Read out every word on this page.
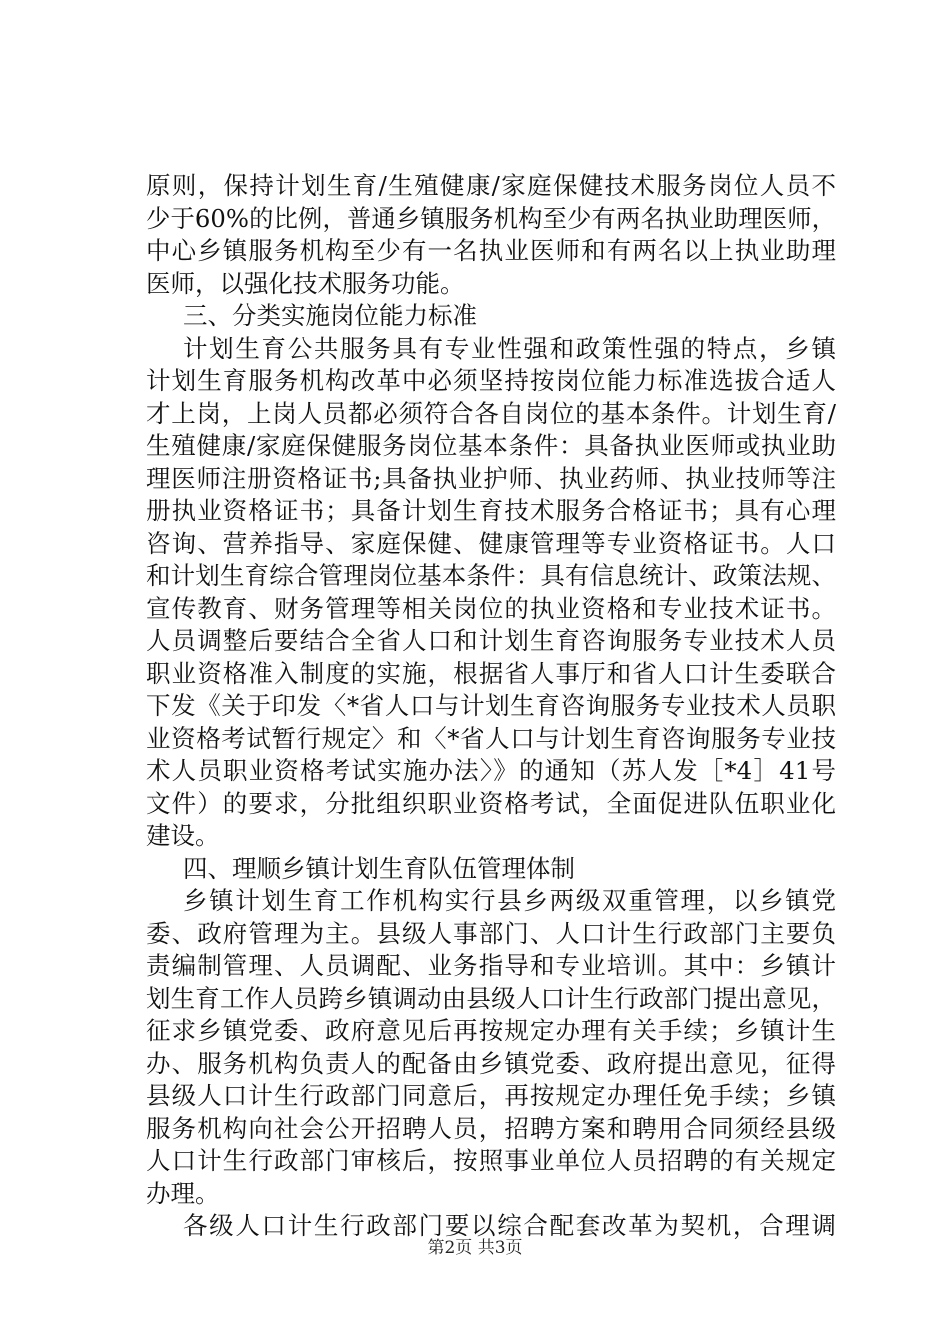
原则，保持计划生育/生殖健康/家庭保健技术服务岗位人员不
少于60%的比例，普通乡镇服务机构至少有两名执业助理医师，
中心乡镇服务机构至少有一名执业医师和有两名以上执业助理
医师，以强化技术服务功能。
三、分类实施岗位能力标准
计划生育公共服务具有专业性强和政策性强的特点，乡镇
计划生育服务机构改革中必须坚持按岗位能力标准选拔合适人
才上岗，上岗人员都必须符合各自岗位的基本条件。计划生育/
生殖健康/家庭保健服务岗位基本条件：具备执业医师或执业助
理医师注册资格证书;具备执业护师、执业药师、执业技师等注
册执业资格证书；具备计划生育技术服务合格证书；具有心理
咨询、营养指导、家庭保健、健康管理等专业资格证书。人口
和计划生育综合管理岗位基本条件：具有信息统计、政策法规、
宣传教育、财务管理等相关岗位的执业资格和专业技术证书。
人员调整后要结合全省人口和计划生育咨询服务专业技术人员
职业资格准入制度的实施，根据省人事厅和省人口计生委联合
下发《关于印发〈*省人口与计划生育咨询服务专业技术人员职
业资格考试暂行规定〉和〈*省人口与计划生育咨询服务专业技
术人员职业资格考试实施办法〉》的通知（苏人发［*4］41号
文件）的要求，分批组织职业资格考试，全面促进队伍职业化
建设。
四、理顺乡镇计划生育队伍管理体制
乡镇计划生育工作机构实行县乡两级双重管理，以乡镇党
委、政府管理为主。县级人事部门、人口计生行政部门主要负
责编制管理、人员调配、业务指导和专业培训。其中：乡镇计
划生育工作人员跨乡镇调动由县级人口计生行政部门提出意见，
征求乡镇党委、政府意见后再按规定办理有关手续；乡镇计生
办、服务机构负责人的配备由乡镇党委、政府提出意见，征得
县级人口计生行政部门同意后，再按规定办理任免手续；乡镇
服务机构向社会公开招聘人员，招聘方案和聘用合同须经县级
人口计生行政部门审核后，按照事业单位人员招聘的有关规定
办理。
各级人口计生行政部门要以综合配套改革为契机，合理调
第2页 共3页
